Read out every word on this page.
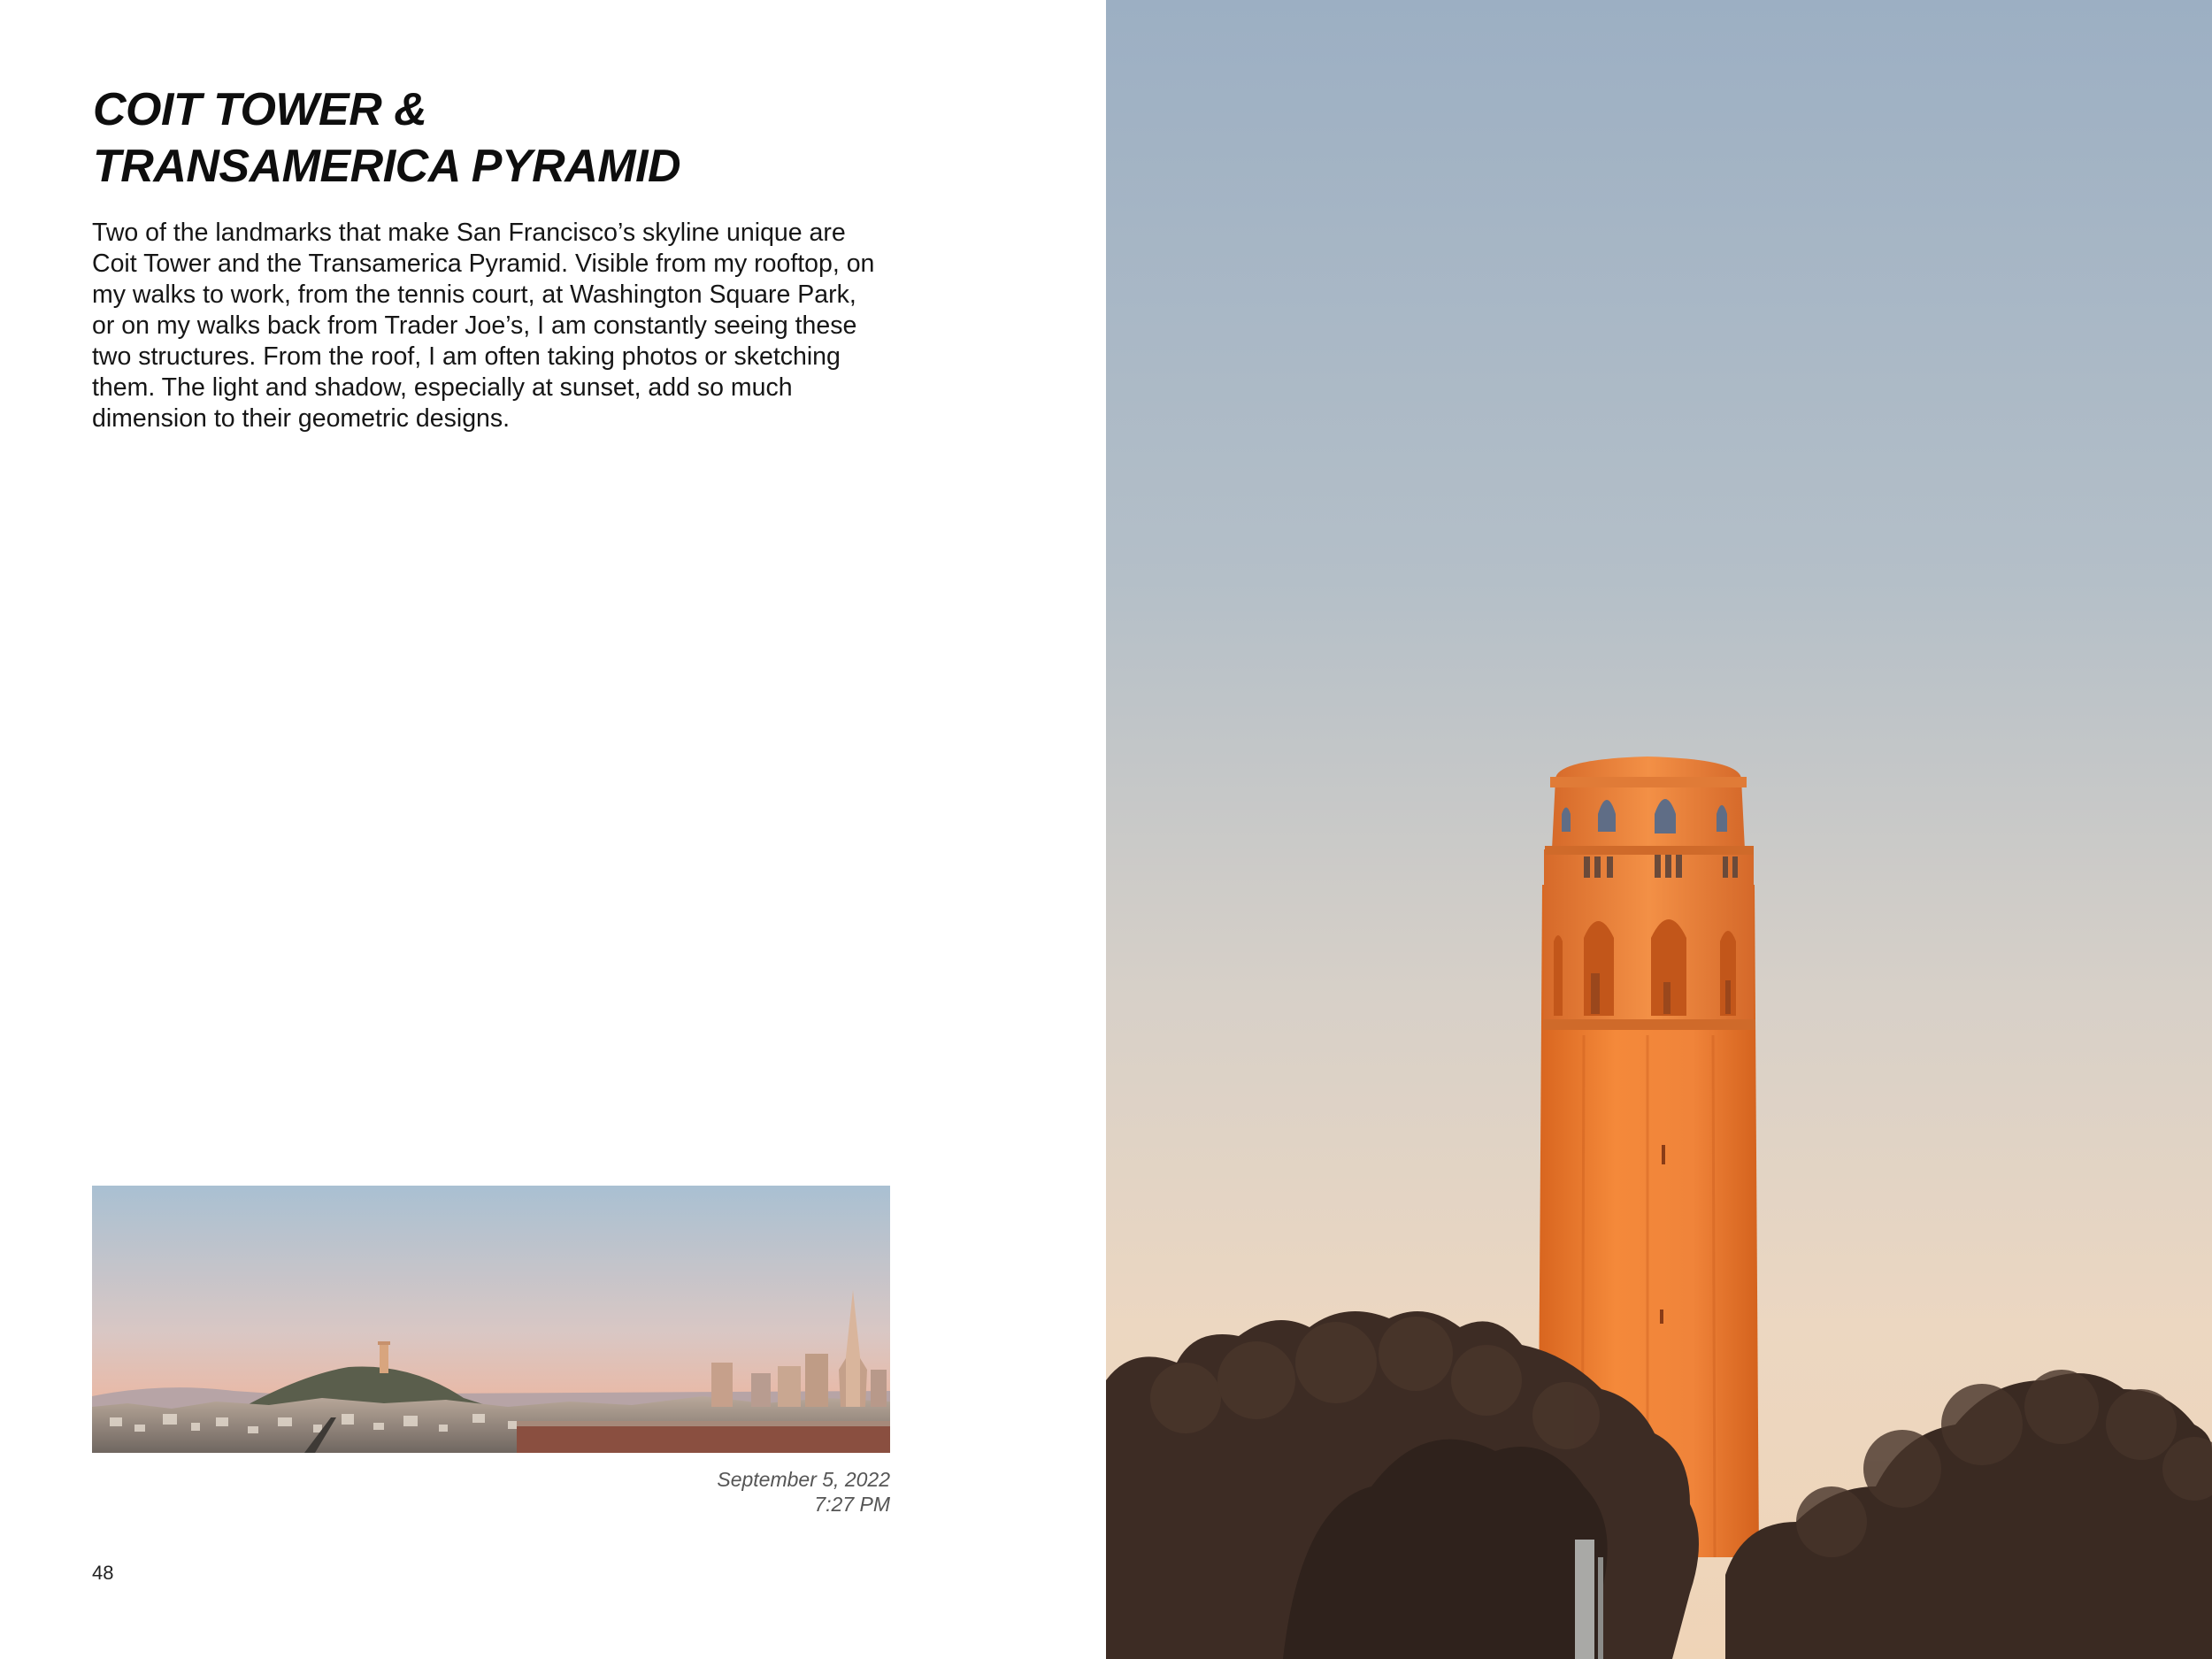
COIT TOWER &
TRANSAMERICA PYRAMID

Two of the landmarks that make San Francisco’s skyline unique are
Coit Tower and the Transamerica Pyramid. Visible from my rooftop, on
my walks to work, from the tennis court, at Washington Square Park,
or on my walks back from Trader Joe’s, I am constantly seeing these
two structures. From the roof, I am often taking photos or sketching
them. The light and shadow, especially at sunset, add so much
dimension to their geometric designs.

September 5, 2022
7:27 PM
48
